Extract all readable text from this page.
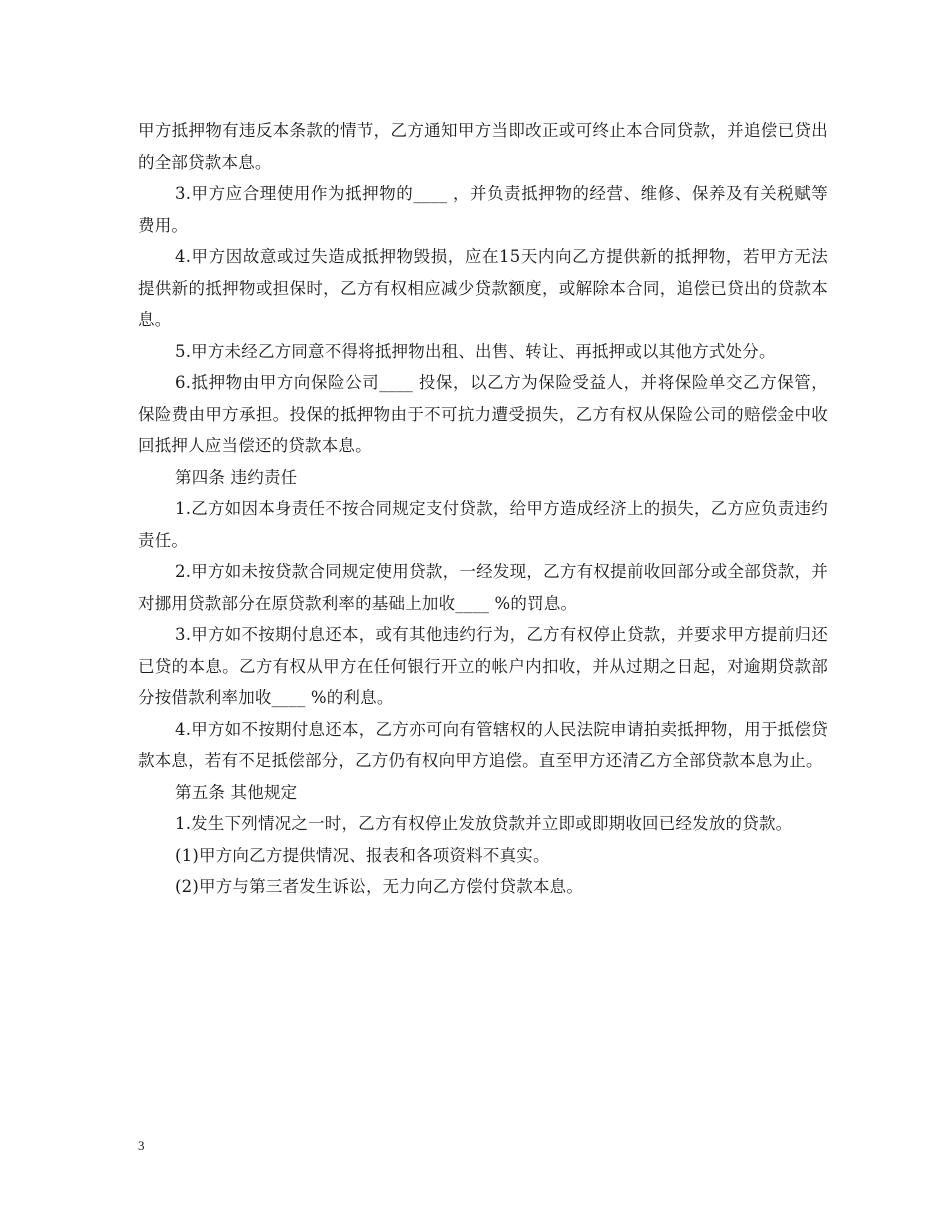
甲方抵押物有违反本条款的情节，乙方通知甲方当即改正或可终止本合同贷款，并追偿已贷出的全部贷款本息。

3.甲方应合理使用作为抵押物的____ ，并负责抵押物的经营、维修、保养及有关税赋等费用。

4.甲方因故意或过失造成抵押物毁损，应在15天内向乙方提供新的抵押物，若甲方无法提供新的抵押物或担保时，乙方有权相应减少贷款额度，或解除本合同，追偿已贷出的贷款本息。

5.甲方未经乙方同意不得将抵押物出租、出售、转让、再抵押或以其他方式处分。

6.抵押物由甲方向保险公司____ 投保，以乙方为保险受益人，并将保险单交乙方保管，保险费由甲方承担。投保的抵押物由于不可抗力遭受损失，乙方有权从保险公司的赔偿金中收回抵押人应当偿还的贷款本息。

第四条 违约责任

1.乙方如因本身责任不按合同规定支付贷款，给甲方造成经济上的损失，乙方应负责违约责任。

2.甲方如未按贷款合同规定使用贷款，一经发现，乙方有权提前收回部分或全部贷款，并对挪用贷款部分在原贷款利率的基础上加收____ %的罚息。

3.甲方如不按期付息还本，或有其他违约行为，乙方有权停止贷款，并要求甲方提前归还已贷的本息。乙方有权从甲方在任何银行开立的帐户内扣收，并从过期之日起，对逾期贷款部分按借款利率加收____ %的利息。

4.甲方如不按期付息还本，乙方亦可向有管辖权的人民法院申请拍卖抵押物，用于抵偿贷款本息，若有不足抵偿部分，乙方仍有权向甲方追偿。直至甲方还清乙方全部贷款本息为止。

第五条 其他规定

1.发生下列情况之一时，乙方有权停止发放贷款并立即或即期收回已经发放的贷款。

(1)甲方向乙方提供情况、报表和各项资料不真实。

(2)甲方与第三者发生诉讼，无力向乙方偿付贷款本息。

3
